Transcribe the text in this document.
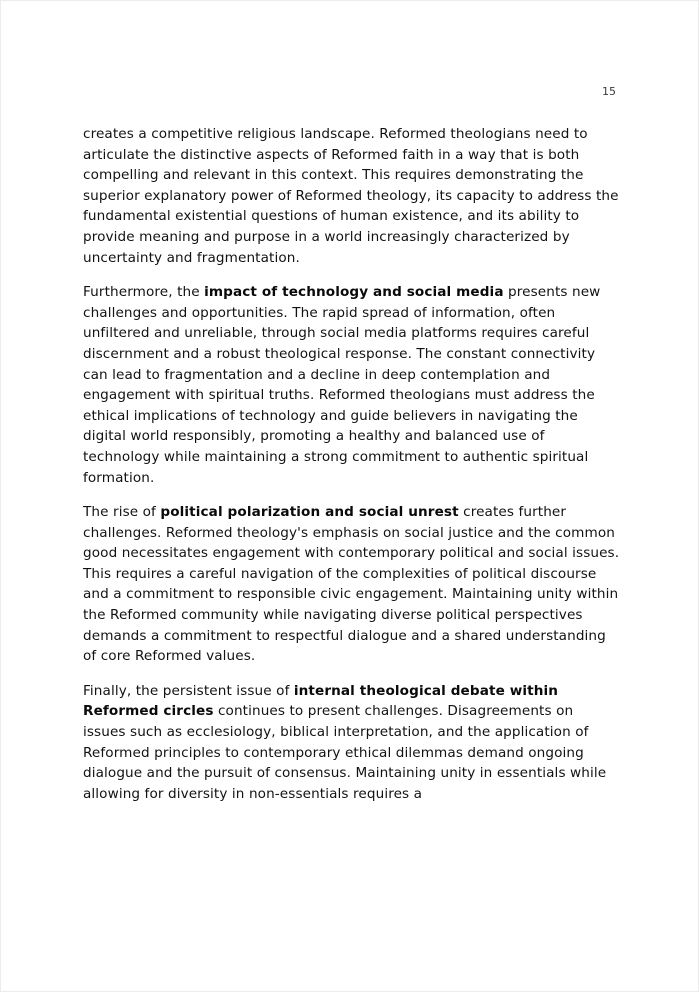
15

creates a competitive religious landscape. Reformed theologians need to articulate the distinctive aspects of Reformed faith in a way that is both compelling and relevant in this context. This requires demonstrating the superior explanatory power of Reformed theology, its capacity to address the fundamental existential questions of human existence, and its ability to provide meaning and purpose in a world increasingly characterized by uncertainty and fragmentation.

Furthermore, the impact of technology and social media presents new challenges and opportunities. The rapid spread of information, often unfiltered and unreliable, through social media platforms requires careful discernment and a robust theological response. The constant connectivity can lead to fragmentation and a decline in deep contemplation and engagement with spiritual truths. Reformed theologians must address the ethical implications of technology and guide believers in navigating the digital world responsibly, promoting a healthy and balanced use of technology while maintaining a strong commitment to authentic spiritual formation.

The rise of political polarization and social unrest creates further challenges. Reformed theology's emphasis on social justice and the common good necessitates engagement with contemporary political and social issues. This requires a careful navigation of the complexities of political discourse and a commitment to responsible civic engagement. Maintaining unity within the Reformed community while navigating diverse political perspectives demands a commitment to respectful dialogue and a shared understanding of core Reformed values.

Finally, the persistent issue of internal theological debate within Reformed circles continues to present challenges. Disagreements on issues such as ecclesiology, biblical interpretation, and the application of Reformed principles to contemporary ethical dilemmas demand ongoing dialogue and the pursuit of consensus. Maintaining unity in essentials while allowing for diversity in non-essentials requires a
